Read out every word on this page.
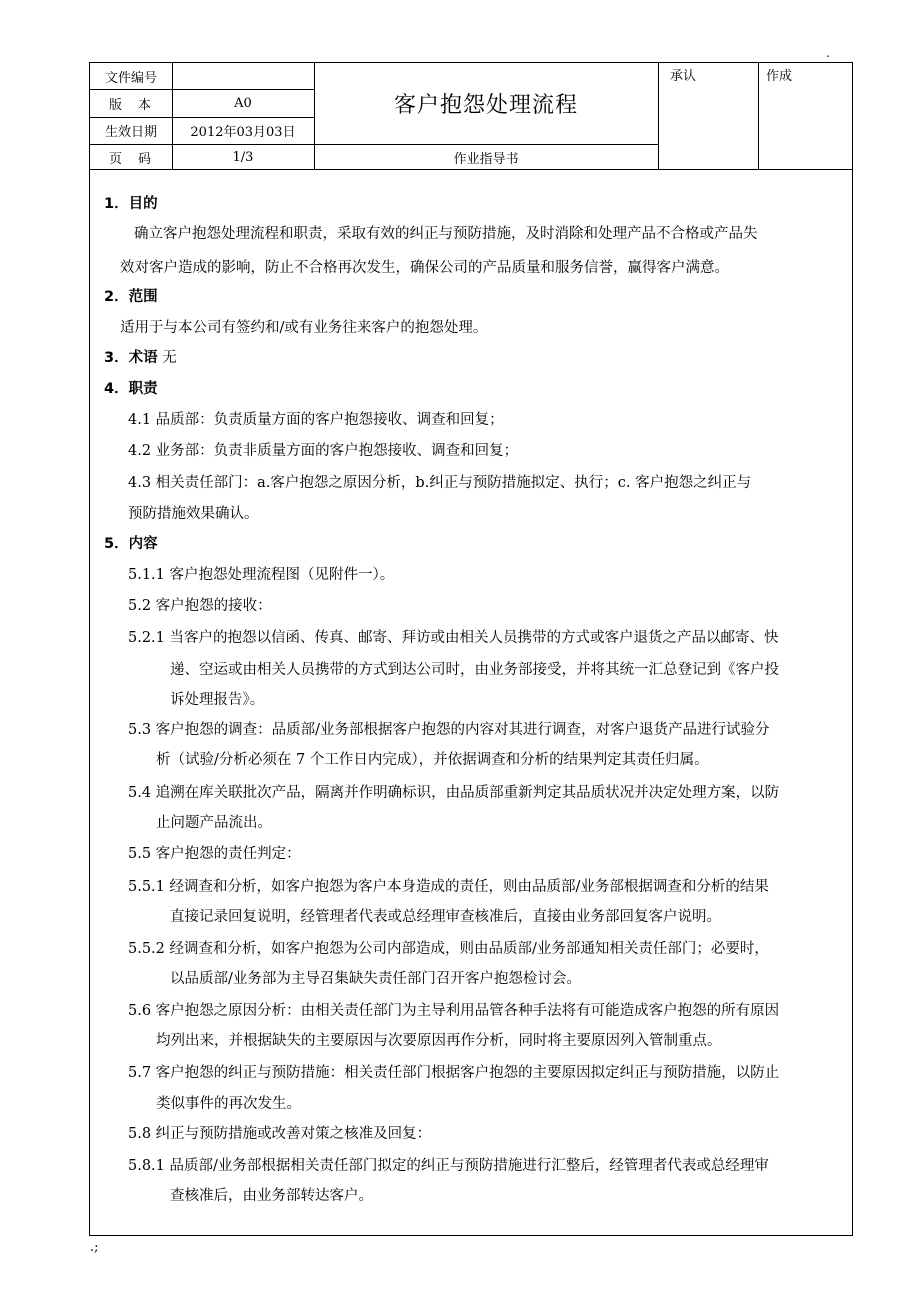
.
文件编号
版本	A0
生效日期	2012年03月03日
页码	1/3
客户抱怨处理流程
作业指导书
承认	作成
1．目的
确立客户抱怨处理流程和职责，采取有效的纠正与预防措施，及时消除和处理产品不合格或产品失
效对客户造成的影响，防止不合格再次发生，确保公司的产品质量和服务信誉，赢得客户满意。
2．范围
适用于与本公司有签约和/或有业务往来客户的抱怨处理。
3．术语 无
4．职责
4.1 品质部：负责质量方面的客户抱怨接收、调查和回复；
4.2 业务部：负责非质量方面的客户抱怨接收、调查和回复；
4.3 相关责任部门：a.客户抱怨之原因分析，b.纠正与预防措施拟定、执行；c. 客户抱怨之纠正与
预防措施效果确认。
5．内容
5.1.1 客户抱怨处理流程图（见附件一）。
5.2 客户抱怨的接收：
5.2.1 当客户的抱怨以信函、传真、邮寄、拜访或由相关人员携带的方式或客户退货之产品以邮寄、快
递、空运或由相关人员携带的方式到达公司时，由业务部接受，并将其统一汇总登记到《客户投
诉处理报告》。
5.3 客户抱怨的调查：品质部/业务部根据客户抱怨的内容对其进行调查，对客户退货产品进行试验分
析（试验/分析必须在 7 个工作日内完成），并依据调查和分析的结果判定其责任归属。
5.4 追溯在库关联批次产品，隔离并作明确标识，由品质部重新判定其品质状况并决定处理方案，以防
止问题产品流出。
5.5 客户抱怨的责任判定：
5.5.1 经调查和分析，如客户抱怨为客户本身造成的责任，则由品质部/业务部根据调查和分析的结果
直接记录回复说明，经管理者代表或总经理审查核准后，直接由业务部回复客户说明。
5.5.2 经调查和分析，如客户抱怨为公司内部造成，则由品质部/业务部通知相关责任部门；必要时，
以品质部/业务部为主导召集缺失责任部门召开客户抱怨检讨会。
5.6 客户抱怨之原因分析：由相关责任部门为主导利用品管各种手法将有可能造成客户抱怨的所有原因
均列出来，并根据缺失的主要原因与次要原因再作分析，同时将主要原因列入管制重点。
5.7 客户抱怨的纠正与预防措施：相关责任部门根据客户抱怨的主要原因拟定纠正与预防措施，以防止
类似事件的再次发生。
5.8 纠正与预防措施或改善对策之核准及回复：
5.8.1 品质部/业务部根据相关责任部门拟定的纠正与预防措施进行汇整后，经管理者代表或总经理审
查核准后，由业务部转达客户。
.;
